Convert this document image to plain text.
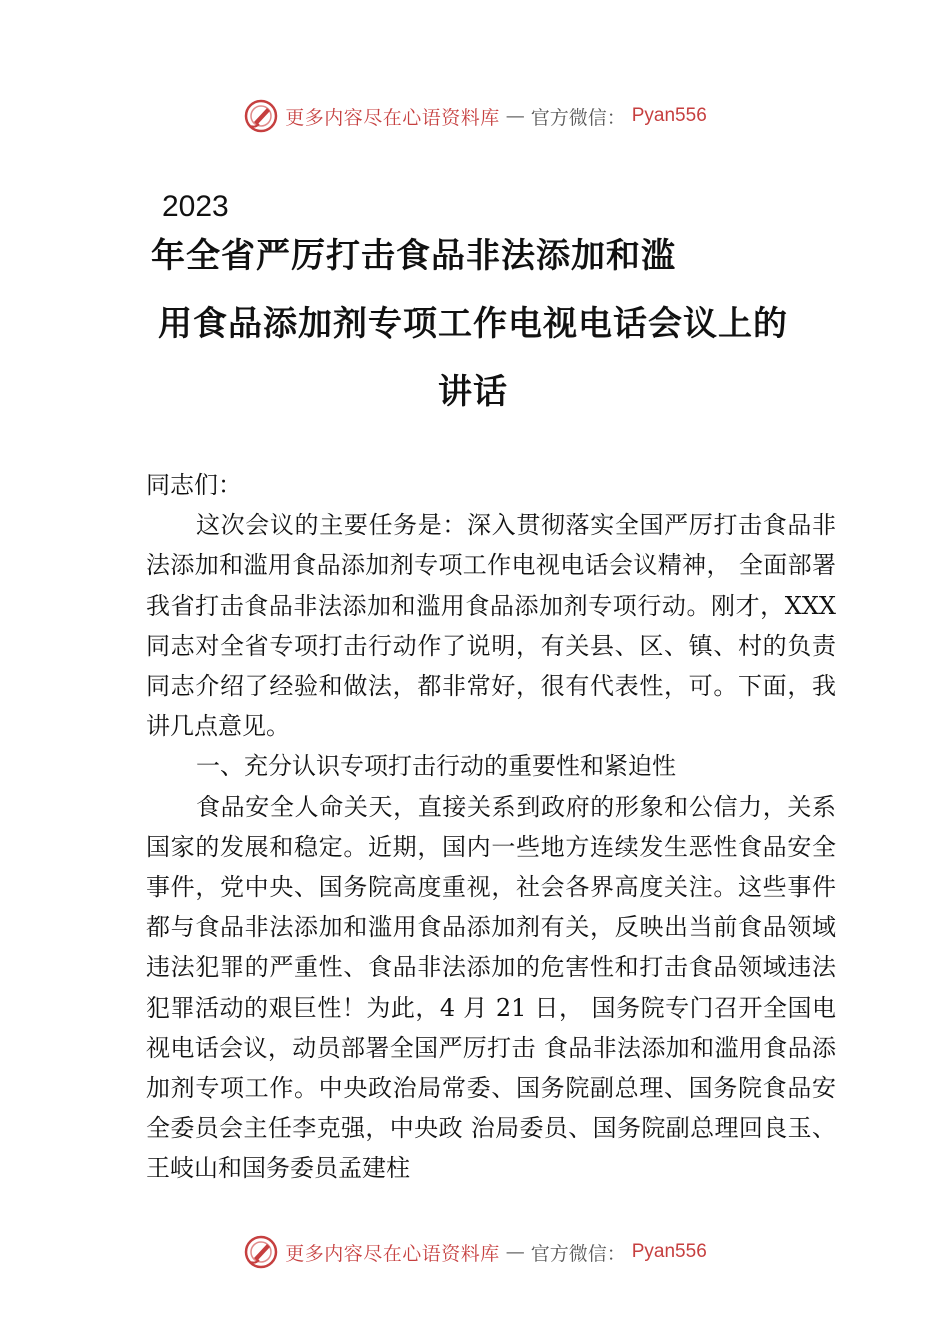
更多内容尽在心语资料库 — 官方微信： Pyan556
2023
年全省严厉打击食品非法添加和滥
用食品添加剂专项工作电视电话会议上的
讲话

同志们：

这次会议的主要任务是：深入贯彻落实全国严厉打击食品非法添加和滥用食品添加剂专项工作电视电话会议精神， 全面部署我省打击食品非法添加和滥用食品添加剂专项行动。刚才，XXX 同志对全省专项打击行动作了说明，有关县、区、镇、村的负责同志介绍了经验和做法，都非常好，很有代表性，可。下面，我讲几点意见。

一、充分认识专项打击行动的重要性和紧迫性

食品安全人命关天，直接关系到政府的形象和公信力，关系国家的发展和稳定。近期，国内一些地方连续发生恶性食品安全事件，党中央、国务院高度重视，社会各界高度关注。这些事件都与食品非法添加和滥用食品添加剂有关，反映出当前食品领域违法犯罪的严重性、食品非法添加的危害性和打击食品领域违法犯罪活动的艰巨性！为此，4 月 21 日， 国务院专门召开全国电视电话会议，动员部署全国严厉打击 食品非法添加和滥用食品添加剂专项工作。中央政治局常委、国务院副总理、国务院食品安全委员会主任李克强，中央政 治局委员、国务院副总理回良玉、王岐山和国务委员孟建柱

更多内容尽在心语资料库 — 官方微信： Pyan556
